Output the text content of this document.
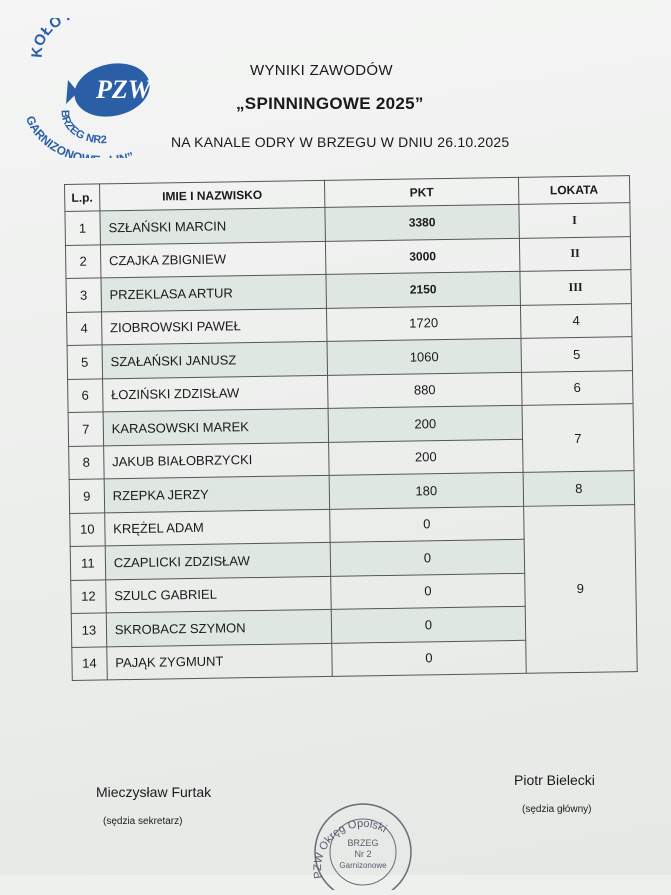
KOŁO
PZW
BRZEG NR2
GARNIZONO ”
WYNIKI ZAWODÓW
„SPINNINGOWE 2025”
NA KANALE ODRY W BRZEGU W DNIU 26.10.2025
L.p.	IMIE I NAZWISKO	PKT	LOKATA
1	SZŁAŃSKI MARCIN	3380	I
2	CZAJKA ZBIGNIEW	3000	II
3	PRZEKLASA ARTUR	2150	III
4	ZIOBROWSKI PAWEŁ	1720	4
5	SZAŁAŃSKI JANUSZ	1060	5
6	ŁOZIŃSKI ZDZISŁAW	880	6
7	KARASOWSKI MAREK	200	7
8	JAKUB BIAŁOBRZYCKI	200	
9	RZEPKA JERZY	180	8
10	KRĘŻEL ADAM	0	9
11	CZAPLICKI ZDZISŁAW	0	
12	SZULC GABRIEL	0	
13	SKROBACZ SZYMON	0	
14	PAJĄK ZYGMUNT	0	
Mieczysław Furtak
(sędzia sekretarz)
Piotr Bielecki
(sędzia główny)
PZW Okręg Opolski
BRZEG
Nr 2
Garnizonowe
